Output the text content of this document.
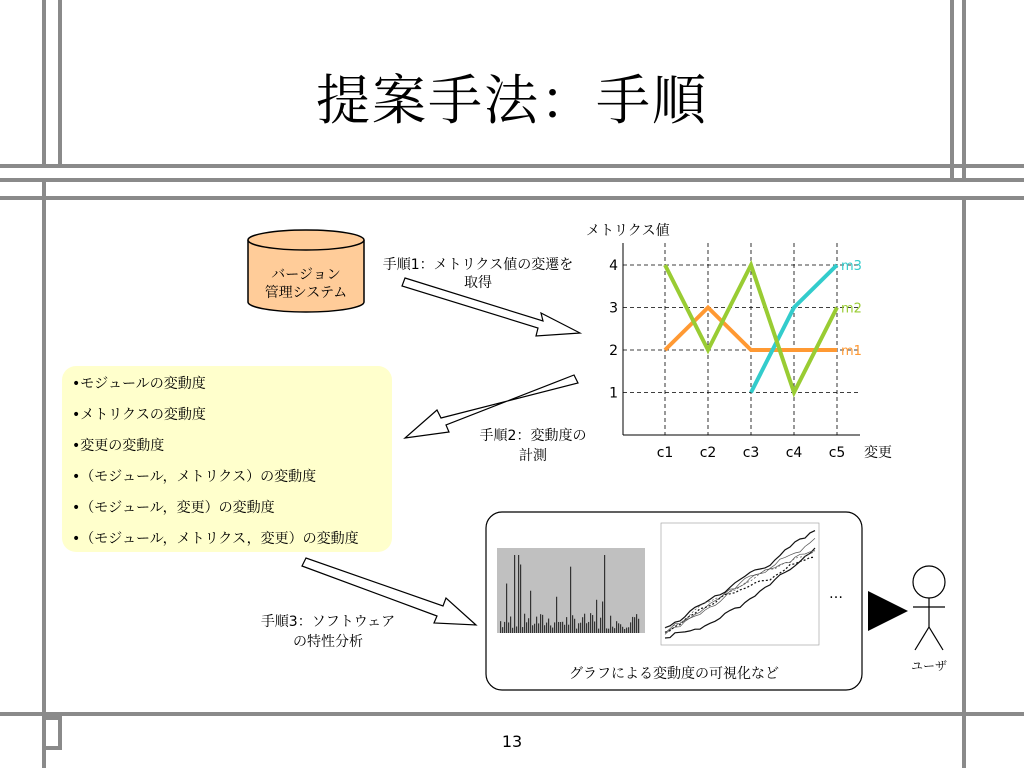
提案手法：手順
バージョン
管理システム
手順1：メトリクス値の変遷を
取得
手順2：変動度の
計測
手順3：ソフトウェア
の特性分析
1
2
3
4
c1 c2 c3 c4 c5
m1
m3
m2
メトリクス値
変更
…
グラフによる変動度の可視化など	ユーザ
• モジュールの変動度
• メトリクスの変動度
• 変更の変動度
• （モジュール，メトリクス）の変動度
• （モジュール，変更）の変動度
• （モジュール，メトリクス，変更）の変動度
13
